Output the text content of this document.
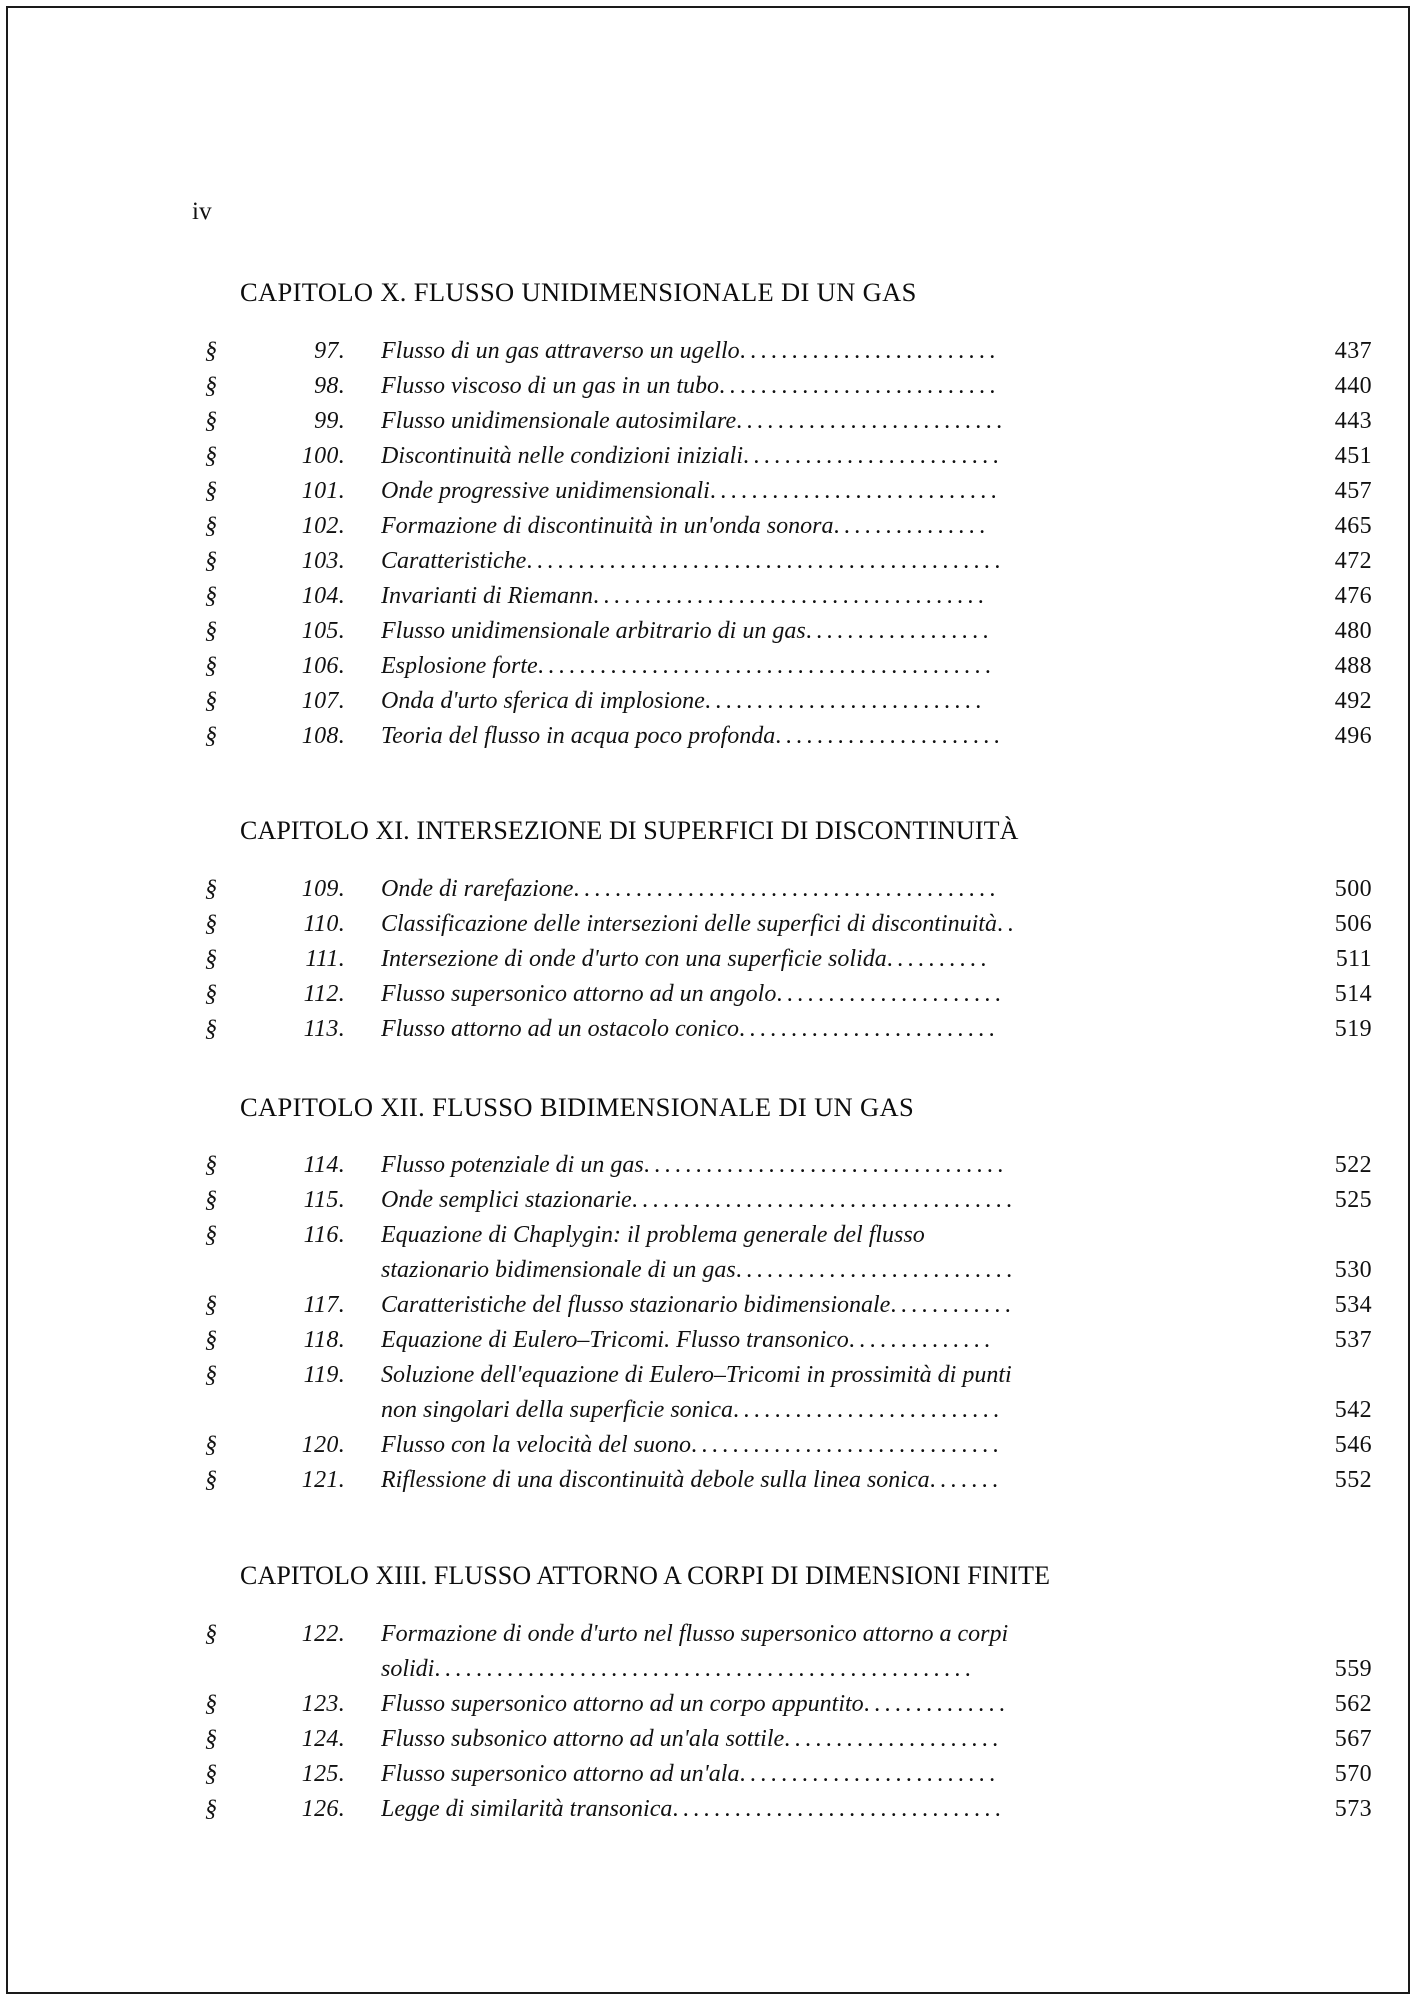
iv
CAPITOLO X. FLUSSO UNIDIMENSIONALE DI UN GAS
§	97. Flusso di un gas attraverso un ugello.........................	437
§	98. Flusso viscoso di un gas in un tubo...........................	440
§	99. Flusso unidimensionale autosimilare..........................	443
§	100. Discontinuità nelle condizioni iniziali.........................	451
§	101. Onde progressive unidimensionali............................	457
§	102. Formazione di discontinuità in un'onda sonora...............	465
§	103. Caratteristiche..............................................	472
§	104. Invarianti di Riemann......................................	476
§	105. Flusso unidimensionale arbitrario di un gas..................	480
§	106. Esplosione forte............................................	488
§	107. Onda d'urto sferica di implosione...........................	492
§	108. Teoria del flusso in acqua poco profonda......................	496
CAPITOLO XI. INTERSEZIONE DI SUPERFICI DI DISCONTINUITÀ
§	109. Onde di rarefazione.........................................	500
§	110. Classificazione delle intersezioni delle superfici di discontinuità..	506
§	111. Intersezione di onde d'urto con una superficie solida..........	511
§	112. Flusso supersonico attorno ad un angolo......................	514
§	113. Flusso attorno ad un ostacolo conico.........................	519
CAPITOLO XII. FLUSSO BIDIMENSIONALE DI UN GAS
§	114. Flusso potenziale di un gas...................................	522
§	115. Onde semplici stazionarie.....................................	525
§	116. Equazione di Chaplygin: il problema generale del flusso
stazionario bidimensionale di un gas...........................	530
§	117. Caratteristiche del flusso stazionario bidimensionale............	534
§	118. Equazione di Eulero–Tricomi. Flusso transonico..............	537
§	119. Soluzione dell'equazione di Eulero–Tricomi in prossimità di punti
non singolari della superficie sonica..........................	542
§	120. Flusso con la velocità del suono..............................	546
§	121. Riflessione di una discontinuità debole sulla linea sonica.......	552
CAPITOLO XIII. FLUSSO ATTORNO A CORPI DI DIMENSIONI FINITE
§	122. Formazione di onde d'urto nel flusso supersonico attorno a corpi
solidi....................................................	559
§	123. Flusso supersonico attorno ad un corpo appuntito..............	562
§	124. Flusso subsonico attorno ad un'ala sottile.....................	567
§	125. Flusso supersonico attorno ad un'ala.........................	570
§	126. Legge di similarità transonica................................	573
